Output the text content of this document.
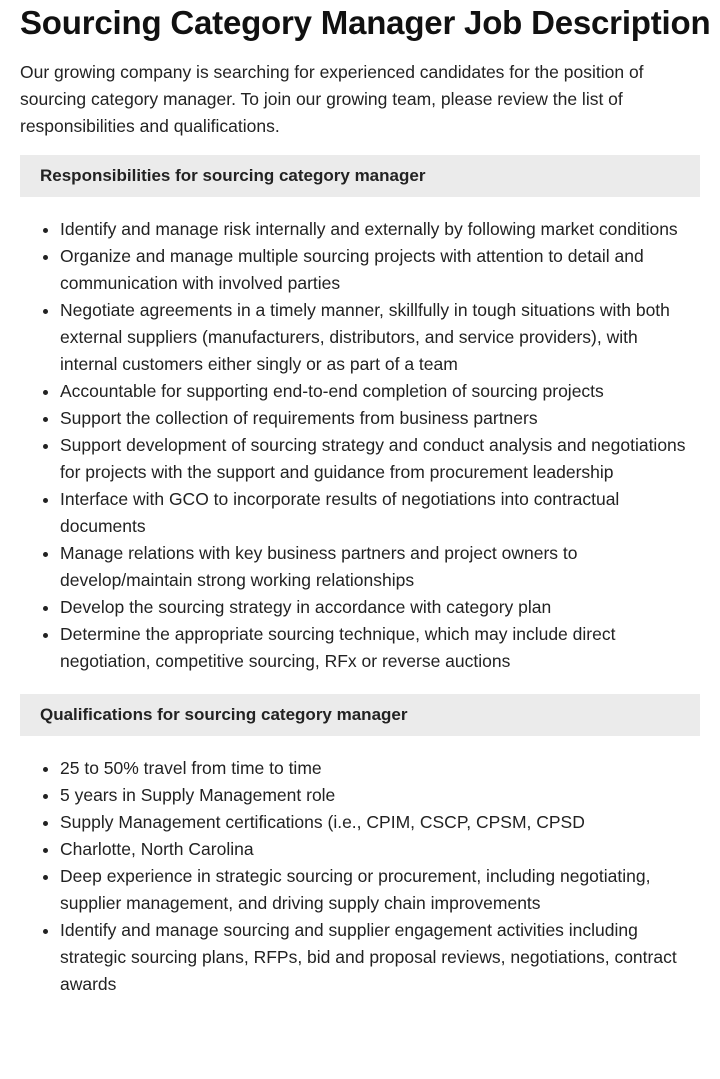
Sourcing Category Manager Job Description

Our growing company is searching for experienced candidates for the position of sourcing category manager. To join our growing team, please review the list of responsibilities and qualifications.

Responsibilities for sourcing category manager
Identify and manage risk internally and externally by following market conditions
Organize and manage multiple sourcing projects with attention to detail and communication with involved parties
Negotiate agreements in a timely manner, skillfully in tough situations with both external suppliers (manufacturers, distributors, and service providers), with internal customers either singly or as part of a team
Accountable for supporting end-to-end completion of sourcing projects
Support the collection of requirements from business partners
Support development of sourcing strategy and conduct analysis and negotiations for projects with the support and guidance from procurement leadership
Interface with GCO to incorporate results of negotiations into contractual documents
Manage relations with key business partners and project owners to develop/maintain strong working relationships
Develop the sourcing strategy in accordance with category plan
Determine the appropriate sourcing technique, which may include direct negotiation, competitive sourcing, RFx or reverse auctions
Qualifications for sourcing category manager
25 to 50% travel from time to time
5 years in Supply Management role
Supply Management certifications (i.e., CPIM, CSCP, CPSM, CPSD
Charlotte, North Carolina
Deep experience in strategic sourcing or procurement, including negotiating, supplier management, and driving supply chain improvements
Identify and manage sourcing and supplier engagement activities including strategic sourcing plans, RFPs, bid and proposal reviews, negotiations, contract awards
